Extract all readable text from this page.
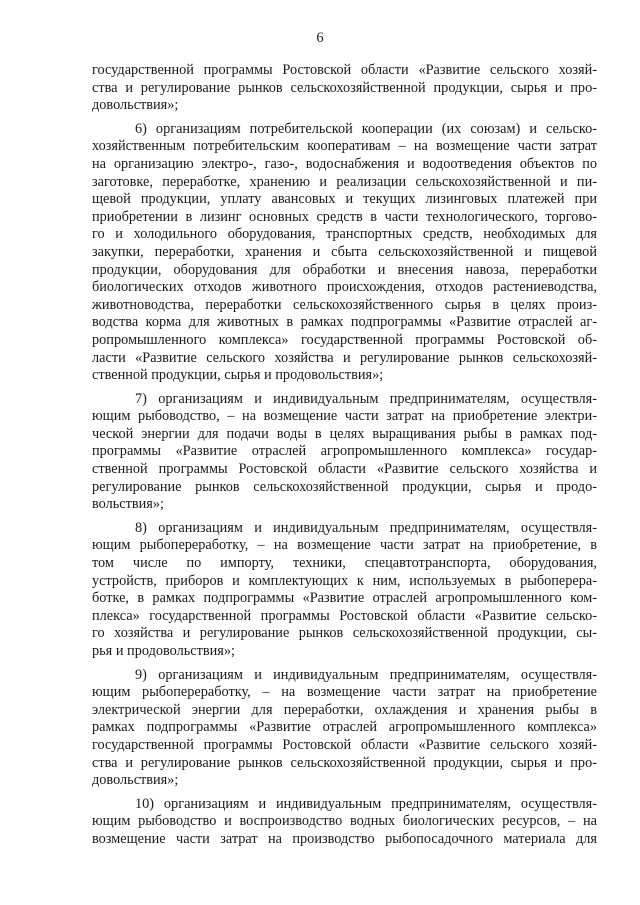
6
государственной программы Ростовской области «Развитие сельского хозяй-
ства и регулирование рынков сельскохозяйственной продукции, сырья и про-
довольствия»;
6) организациям потребительской кооперации (их союзам) и сельско-
хозяйственным потребительским кооперативам – на возмещение части затрат
на организацию электро-, газо-, водоснабжения и водоотведения объектов по
заготовке, переработке, хранению и реализации сельскохозяйственной и пи-
щевой продукции, уплату авансовых и текущих лизинговых платежей при
приобретении в лизинг основных средств в части технологического, торгово-
го и холодильного оборудования, транспортных средств, необходимых для
закупки, переработки, хранения и сбыта сельскохозяйственной и пищевой
продукции, оборудования для обработки и внесения навоза, переработки
биологических отходов животного происхождения, отходов растениеводства,
животноводства, переработки сельскохозяйственного сырья в целях произ-
водства корма для животных в рамках подпрограммы «Развитие отраслей аг-
ропромышленного комплекса» государственной программы Ростовской об-
ласти «Развитие сельского хозяйства и регулирование рынков сельскохозяй-
ственной продукции, сырья и продовольствия»;
7) организациям и индивидуальным предпринимателям, осуществля-
ющим рыбоводство, – на возмещение части затрат на приобретение электри-
ческой энергии для подачи воды в целях выращивания рыбы в рамках под-
программы «Развитие отраслей агропромышленного комплекса» государ-
ственной программы Ростовской области «Развитие сельского хозяйства и
регулирование рынков сельскохозяйственной продукции, сырья и продо-
вольствия»;
8) организациям и индивидуальным предпринимателям, осуществля-
ющим рыбопереработку, – на возмещение части затрат на приобретение, в
том числе по импорту, техники, спецавтотранспорта, оборудования,
устройств, приборов и комплектующих к ним, используемых в рыбоперера-
ботке, в рамках подпрограммы «Развитие отраслей агропромышленного ком-
плекса» государственной программы Ростовской области «Развитие сельско-
го хозяйства и регулирование рынков сельскохозяйственной продукции, сы-
рья и продовольствия»;
9) организациям и индивидуальным предпринимателям, осуществля-
ющим рыбопереработку, – на возмещение части затрат на приобретение
электрической энергии для переработки, охлаждения и хранения рыбы в
рамках подпрограммы «Развитие отраслей агропромышленного комплекса»
государственной программы Ростовской области «Развитие сельского хозяй-
ства и регулирование рынков сельскохозяйственной продукции, сырья и про-
довольствия»;
10) организациям и индивидуальным предпринимателям, осуществля-
ющим рыбоводство и воспроизводство водных биологических ресурсов, – на
возмещение части затрат на производство рыбопосадочного материала для
